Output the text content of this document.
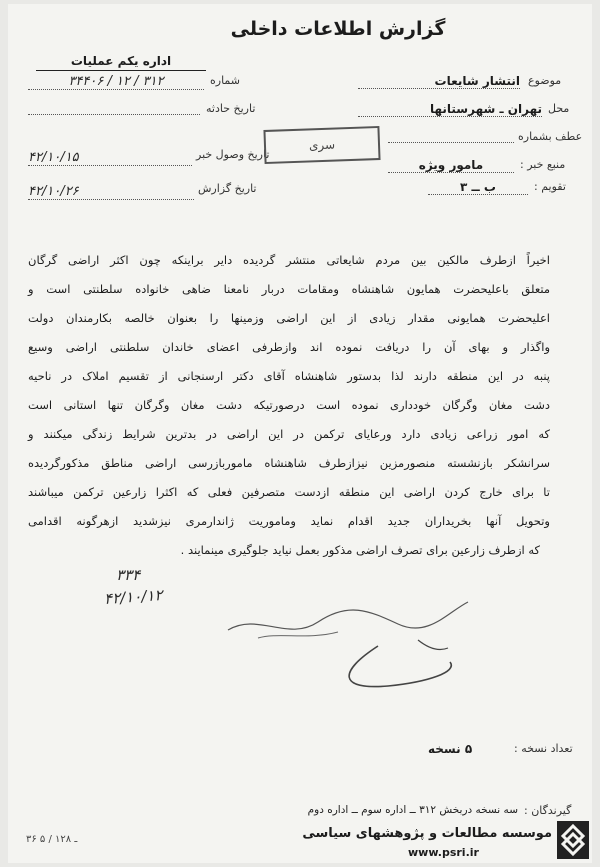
گزارش اطلاعات داخلی
اداره یکم عملیات
شماره
۳۴۴۰۶ / ۱۲ / ۳۱۲
تاریخ حادثه
تاریخ وصول خبر
۴۲/۱۰/۱۵
تاریخ گزارش
۴۲/۱۰/۲۶
موضوع
انتشار شایعات
محل
تهران ـ شهرستانها
عطف بشماره
منبع خبر :
مامور ویژه
تقویم :
ب ــ ۳
سری
اخیراً ازطرف مالکین بین مردم شایعاتی منتشر گردیده دایر براینکه چون اکثر اراضی گرگان
متعلق باعلیحضرت همایون شاهنشاه ومقامات دربار نامعنا ضاهی خانواده سلطنتی است و
اعلیحضرت همایونی مقدار زیادی از این اراضی وزمینها را بعنوان خالصه بکارمندان دولت
واگذار و بهای آن را دریافت نموده اند وازطرفی اعضای خاندان سلطنتی اراضی وسیع
پنبه در این منطقه دارند لذا بدستور شاهنشاه آقای دکتر ارسنجانی از تقسیم املاک در ناحیه
دشت مغان وگرگان خودداری نموده است درصورتیکه دشت مغان وگرگان تنها استانی است
که امور زراعی زیادی دارد ورعایای ترکمن در این اراضی در بدترین شرایط زندگی میکنند و
سرانشکر بازنشسته منصورمزین نیزازطرف شاهنشاه ماموربازرسی اراضی مناطق مذکورگردیده
تا برای خارج کردن اراضی این منطقه ازدست متصرفین فعلی که اکثرا زارعین ترکمن میباشند
وتحویل آنها بخریداران جدید اقدام نماید وماموریت ژاندارمری نیزشدید ازهرگونه اقدامی
که ازطرف زارعین برای تصرف اراضی مذکور بعمل نیاید جلوگیری مینمایند .
۳۳۴
۴۲/۱۰/۱۲
تعداد نسخه :
۵ نسخه
گیرندگان :
سه نسخه دربخش ۳۱۲ ــ اداره سوم ــ اداره دوم
۳۶ ـ ۱۲۸ / ۵	موسسه مطالعات و پژوهشهای سیاسی
www.psri.ir
